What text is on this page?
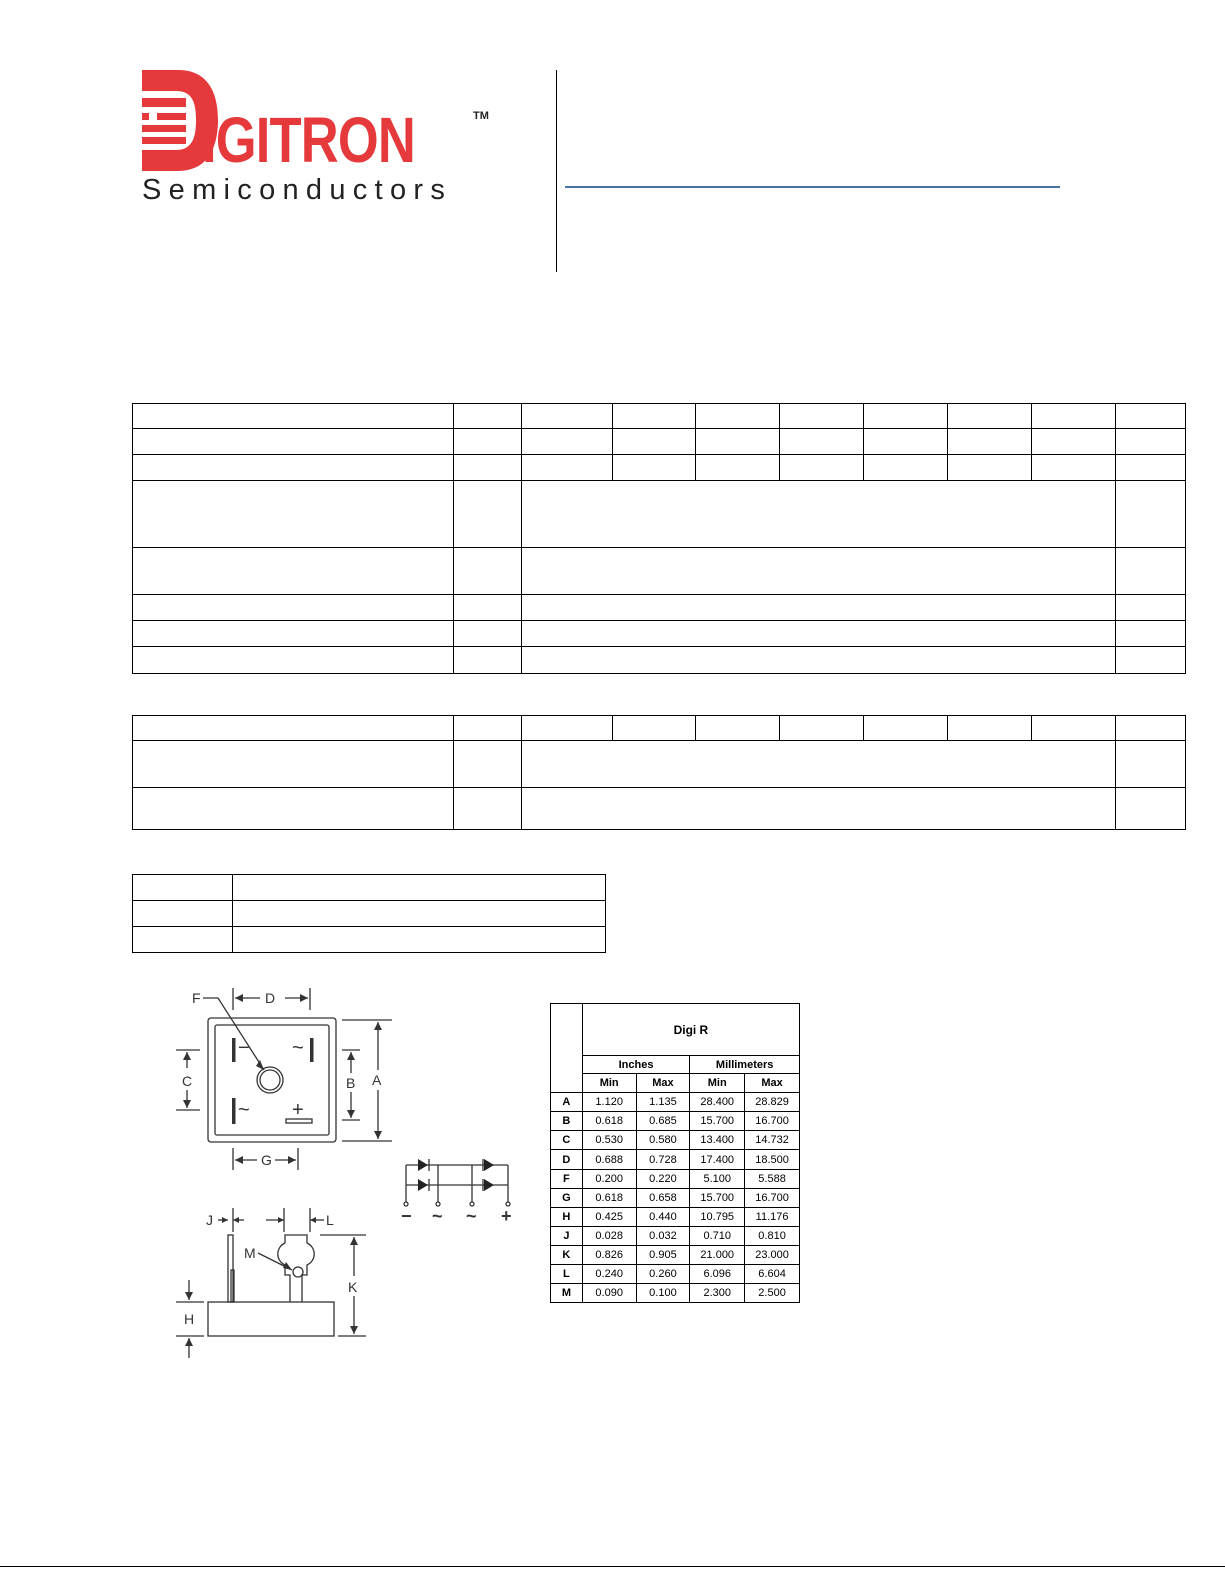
IGITRON	TM
Semiconductors

− ~
~ +
D
F
A
B
C
G
J	L
M
K
H
− ~ ~ +
	Digi R			
	Inches		Millimeters	
	Min	Max	Min	Max
A	1.120	1.135	28.400	28.829
B	0.618	0.685	15.700	16.700
C	0.530	0.580	13.400	14.732
D	0.688	0.728	17.400	18.500
F	0.200	0.220	5.100	5.588
G	0.618	0.658	15.700	16.700
H	0.425	0.440	10.795	11.176
J	0.028	0.032	0.710	0.810
K	0.826	0.905	21.000	23.000
L	0.240	0.260	6.096	6.604
M	0.090	0.100	2.300	2.500
